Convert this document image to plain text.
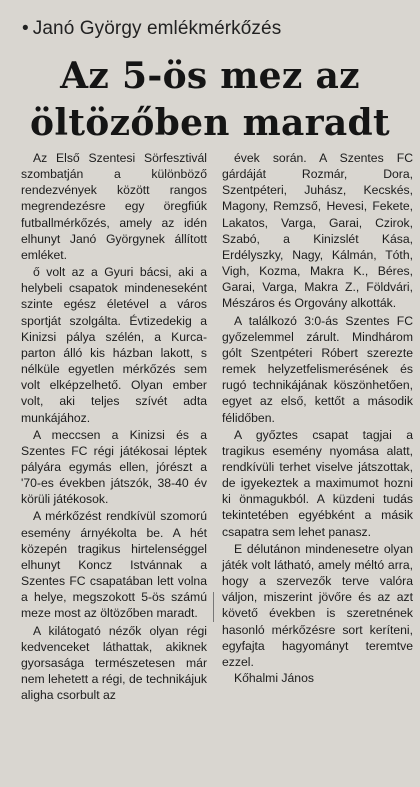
• Janó György emlékmérkőzés
Az 5-ös mez az
öltözőben maradt

Az Első Szentesi Sörfesztivál szombatján a különböző rendezvények között rangos megrendezésre egy öregfiúk futballmérkőzés, amely az idén elhunyt Janó Györgynek állított emléket.

ő volt az a Gyuri bácsi, aki a helybeli csapatok mindeneseként szinte egész életével a város sportját szolgálta. Évtizedekig a Kinizsi pálya szélén, a Kurca-parton álló kis házban lakott, s nélküle egyetlen mérkőzés sem volt elképzelhető. Olyan ember volt, aki teljes szívét adta munkájához.

A meccsen a Kinizsi és a Szentes FC régi játékosai léptek pályára egymás ellen, jórészt a '70-es években játszók, 38-40 év körüli játékosok.

A mérkőzést rendkívül szomorú esemény árnyékolta be. A hét közepén tragikus hirtelenséggel elhunyt Koncz Istvánnak a Szentes FC csapatában lett volna a helye, megszokott 5-ös számú meze most az öltözőben maradt.

A kilátogató nézők olyan régi kedvenceket láthattak, akiknek gyorsasága természetesen már nem lehetett a régi, de technikájuk aligha csorbult az

évek során. A Szentes FC gárdáját Rozmár, Dora, Szentpéteri, Juhász, Kecskés, Magony, Remzső, Hevesi, Fekete, Lakatos, Varga, Garai, Czirok, Szabó, a Kinizslét Kása, Erdélyszky, Nagy, Kálmán, Tóth, Vigh, Kozma, Makra K., Béres, Garai, Varga, Makra Z., Földvári, Mészáros és Orgovány alkották.

A találkozó 3:0-ás Szentes FC győzelemmel zárult. Mindhárom gólt Szentpéteri Róbert szerezte remek helyzetfelismerésének és rugó technikájának köszönhetően, egyet az első, kettőt a második félidőben.

A győztes csapat tagjai a tragikus esemény nyomása alatt, rendkívüli terhet viselve játszottak, de igyekeztek a maximumot hozni ki önmagukból. A küzdeni tudás tekintetében egyébként a másik csapatra sem lehet panasz.

E délutánon mindenesetre olyan játék volt látható, amely méltó arra, hogy a szervezők terve valóra váljon, miszerint jövőre és az azt követő években is szeretnének hasonló mérkőzésre sort keríteni, egyfajta hagyományt teremtve ezzel.

Kőhalmi János
